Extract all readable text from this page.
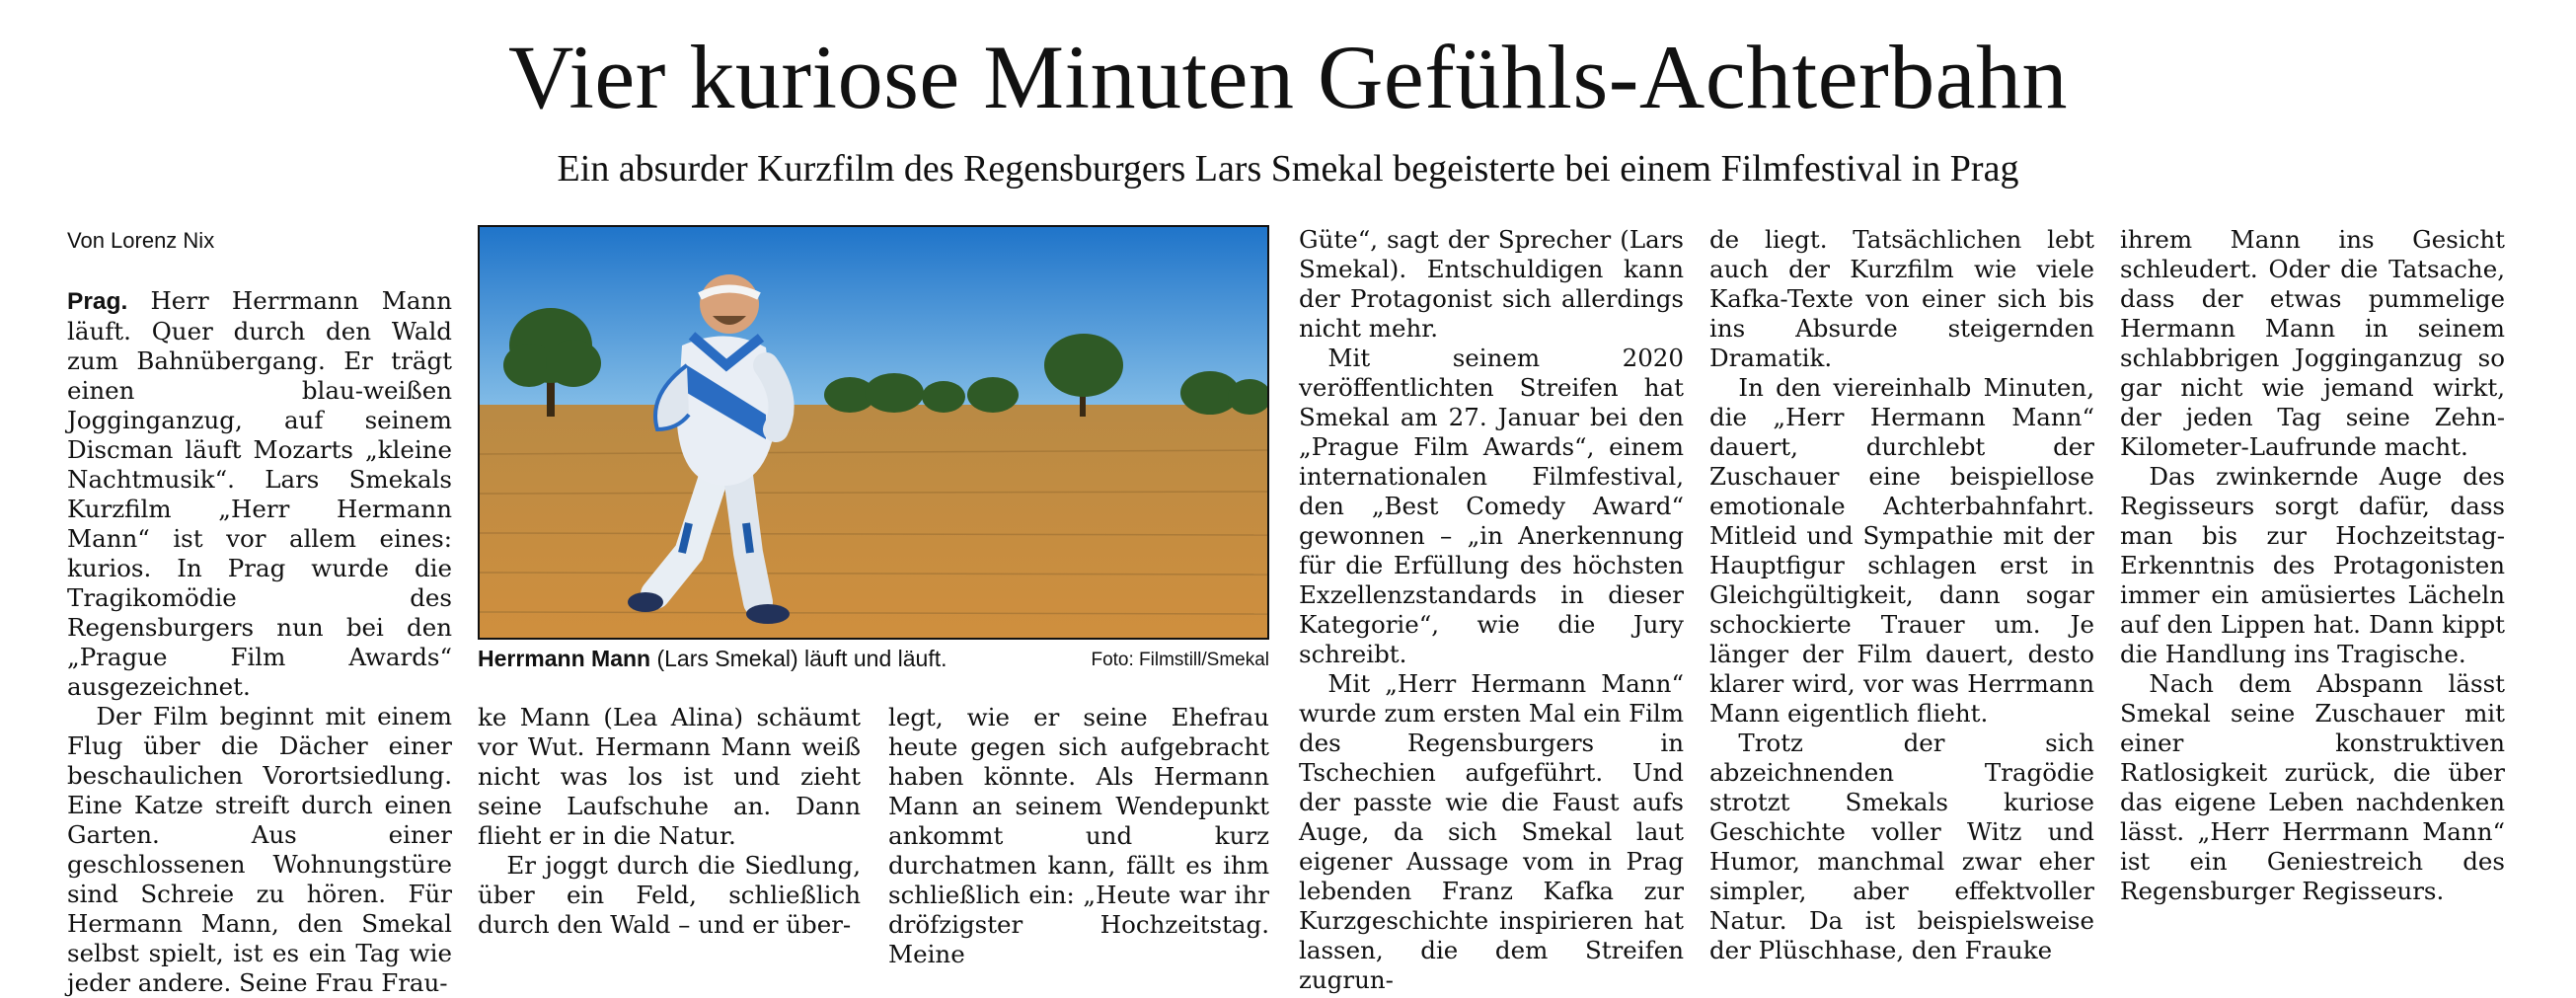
Vier kuriose Minuten Gefühls-Achterbahn
Ein absurder Kurzfilm des Regensburgers Lars Smekal begeisterte bei einem Filmfestival in Prag
Von Lorenz Nix

Prag. Herr Herrmann Mann läuft. Quer durch den Wald zum Bahnübergang. Er trägt einen blau-weißen Jogginganzug, auf seinem Discman läuft Mozarts „kleine Nachtmusik“. Lars Smekals Kurzfilm „Herr Hermann Mann“ ist vor allem eines: kurios. In Prag wurde die Tragikomödie des Regensburgers nun bei den „Prague Film Awards“ ausgezeichnet.

Der Film beginnt mit einem Flug über die Dächer einer beschaulichen Vorortsiedlung. Eine Katze streift durch einen Garten. Aus einer geschlossenen Wohnungstüre sind Schreie zu hören. Für Hermann Mann, den Smekal selbst spielt, ist es ein Tag wie jeder andere. Seine Frau Frau-

Herrmann Mann (Lars Smekal) läuft und läuft.	Foto: Filmstill/Smekal

ke Mann (Lea Alina) schäumt vor Wut. Hermann Mann weiß nicht was los ist und zieht seine Laufschuhe an. Dann flieht er in die Natur.

Er joggt durch die Siedlung, über ein Feld, schließlich durch den Wald – und er über-

legt, wie er seine Ehefrau heute gegen sich aufgebracht haben könnte. Als Hermann Mann an seinem Wendepunkt ankommt und kurz durchatmen kann, fällt es ihm schließlich ein: „Heute war ihr dröfzigster Hochzeitstag. Meine

Güte“, sagt der Sprecher (Lars Smekal). Entschuldigen kann der Protagonist sich allerdings nicht mehr.

Mit seinem 2020 veröffentlichten Streifen hat Smekal am 27. Januar bei den „Prague Film Awards“, einem internationalen Filmfestival, den „Best Comedy Award“ gewonnen – „in Anerkennung für die Erfüllung des höchsten Exzellenzstandards in dieser Kategorie“, wie die Jury schreibt.

Mit „Herr Hermann Mann“ wurde zum ersten Mal ein Film des Regensburgers in Tschechien aufgeführt. Und der passte wie die Faust aufs Auge, da sich Smekal laut eigener Aussage vom in Prag lebenden Franz Kafka zur Kurzgeschichte inspirieren hat lassen, die dem Streifen zugrun-

de liegt. Tatsächlichen lebt auch der Kurzfilm wie viele Kafka-Texte von einer sich bis ins Absurde steigernden Dramatik.

In den viereinhalb Minuten, die „Herr Hermann Mann“ dauert, durchlebt der Zuschauer eine beispiellose emotionale Achterbahnfahrt. Mitleid und Sympathie mit der Hauptfigur schlagen erst in Gleichgültigkeit, dann sogar schockierte Trauer um. Je länger der Film dauert, desto klarer wird, vor was Herrmann Mann eigentlich flieht.

Trotz der sich abzeichnenden Tragödie strotzt Smekals kuriose Geschichte voller Witz und Humor, manchmal zwar eher simpler, aber effektvoller Natur. Da ist beispielsweise der Plüschhase, den Frauke

ihrem Mann ins Gesicht schleudert. Oder die Tatsache, dass der etwas pummelige Hermann Mann in seinem schlabbrigen Jogginganzug so gar nicht wie jemand wirkt, der jeden Tag seine Zehn-Kilometer-Laufrunde macht.

Das zwinkernde Auge des Regisseurs sorgt dafür, dass man bis zur Hochzeitstag-Erkenntnis des Protagonisten immer ein amüsiertes Lächeln auf den Lippen hat. Dann kippt die Handlung ins Tragische.

Nach dem Abspann lässt Smekal seine Zuschauer mit einer konstruktiven Ratlosigkeit zurück, die über das eigene Leben nachdenken lässt. „Herr Herrmann Mann“ ist ein Geniestreich des Regensburger Regisseurs.
